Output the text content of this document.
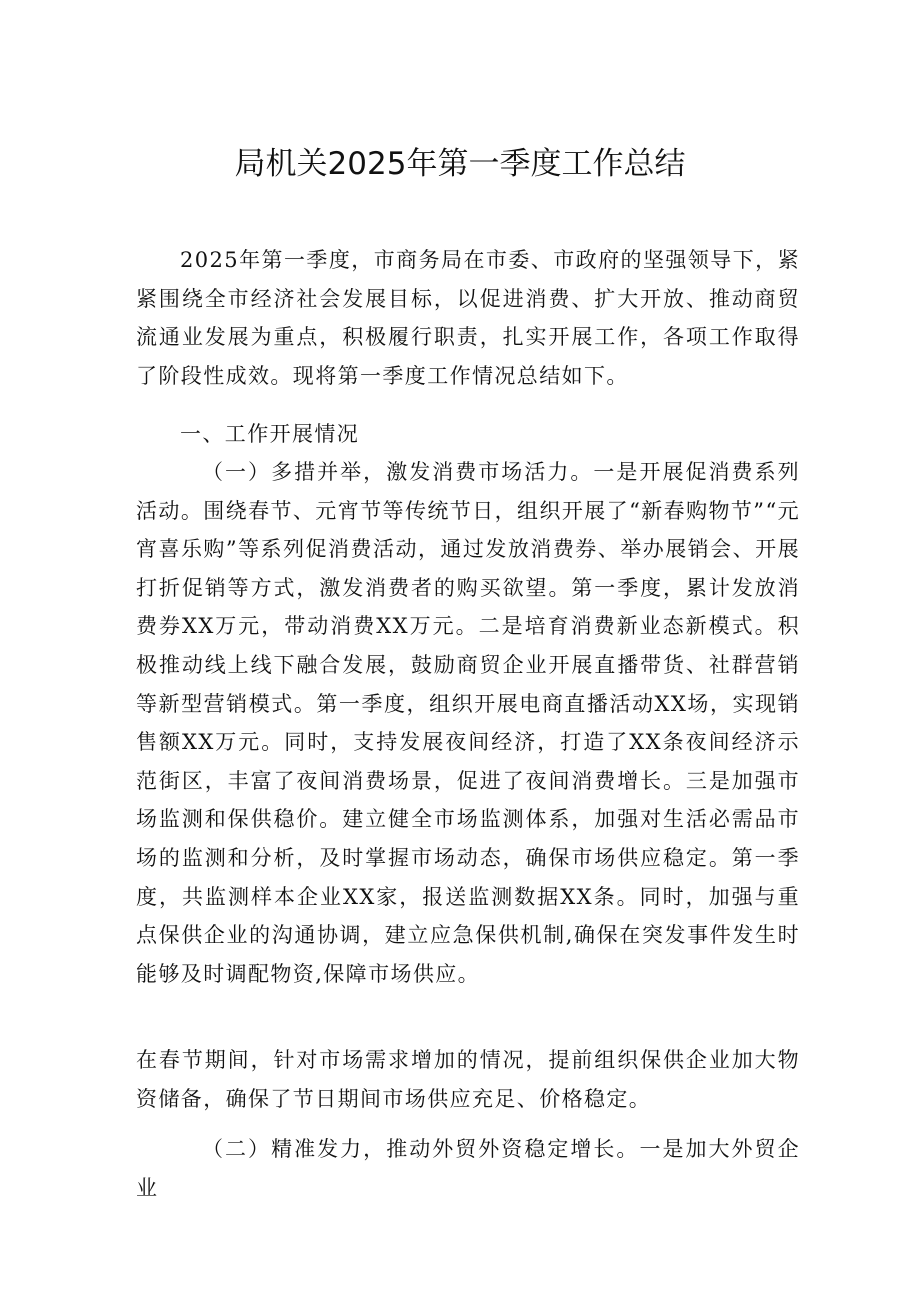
局机关2025年第一季度工作总结

2025年第一季度，市商务局在市委、市政府的坚强领导下，紧紧围绕全市经济社会发展目标，以促进消费、扩大开放、推动商贸流通业发展为重点，积极履行职责，扎实开展工作，各项工作取得了阶段性成效。现将第一季度工作情况总结如下。

一、工作开展情况

（一）多措并举，激发消费市场活力。一是开展促消费系列活动。围绕春节、元宵节等传统节日，组织开展了“新春购物节”“元宵喜乐购”等系列促消费活动，通过发放消费券、举办展销会、开展打折促销等方式，激发消费者的购买欲望。第一季度，累计发放消费券XX万元，带动消费XX万元。二是培育消费新业态新模式。积极推动线上线下融合发展，鼓励商贸企业开展直播带货、社群营销等新型营销模式。第一季度，组织开展电商直播活动XX场，实现销售额XX万元。同时，支持发展夜间经济，打造了XX条夜间经济示范街区，丰富了夜间消费场景，促进了夜间消费增长。三是加强市场监测和保供稳价。建立健全市场监测体系，加强对生活必需品市场的监测和分析，及时掌握市场动态，确保市场供应稳定。第一季度，共监测样本企业XX家，报送监测数据XX条。同时，加强与重点保供企业的沟通协调，建立应急保供机制,确保在突发事件发生时能够及时调配物资,保障市场供应。

在春节期间，针对市场需求增加的情况，提前组织保供企业加大物资储备，确保了节日期间市场供应充足、价格稳定。

（二）精准发力，推动外贸外资稳定增长。一是加大外贸企业
